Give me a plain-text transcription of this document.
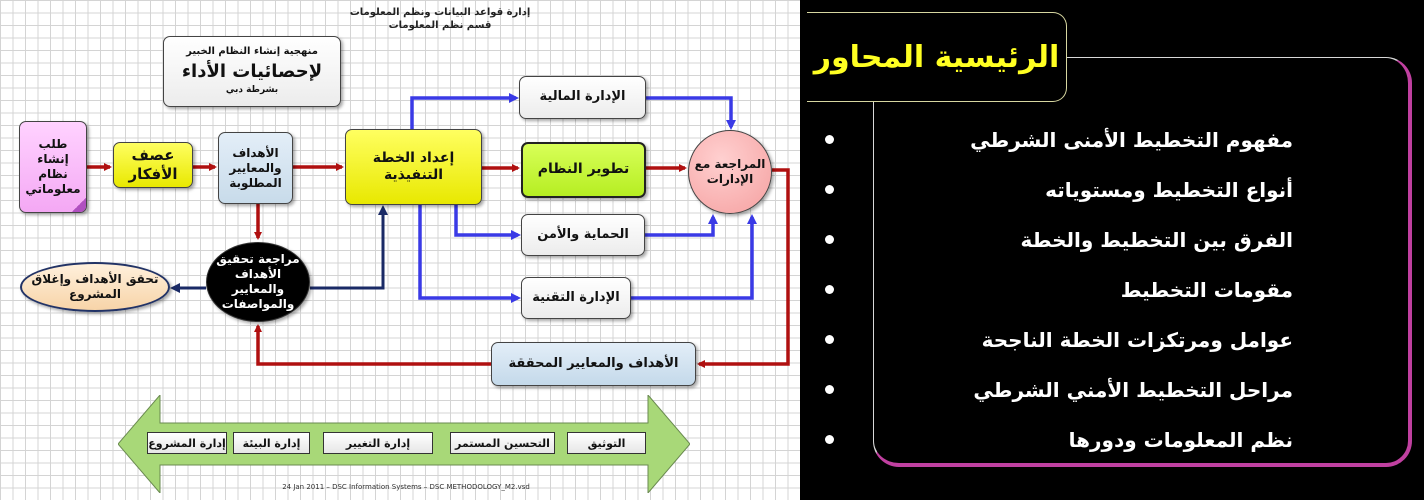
إدارة قواعد البيانات ونظم المعلومات
قسم نظم المعلومات
منهجية إنشاء النظام الخبير
لإحصائيات الأداء
بشرطة دبي
طلب إنشاء نظام معلوماتي
عصف الأفكار
الأهداف والمعايير المطلوبة
إعداد الخطة التنفيذية
الإدارة المالية
تطوير النظام
الحماية والأمن
الإدارة التقنية
المراجعة مع الإدارات
مراجعة تحقيق الأهداف والمعايير والمواصفات
تحقق الأهداف وإغلاق المشروع
الأهداف والمعايير المحققة
التوثيق
التحسين المستمر
إدارة التغيير
إدارة البيئة
إدارة المشروع
24 Jan 2011 – DSC Information Systems – DSC METHODOLOGY_M2.vsd
الرئيسية المحاور
مفهوم التخطيط الأمنى الشرطي
أنواع التخطيط ومستوياته
الفرق بين التخطيط والخطة
مقومات التخطيط
عوامل ومرتكزات الخطة الناجحة
مراحل التخطيط الأمني الشرطي
نظم المعلومات ودورها
